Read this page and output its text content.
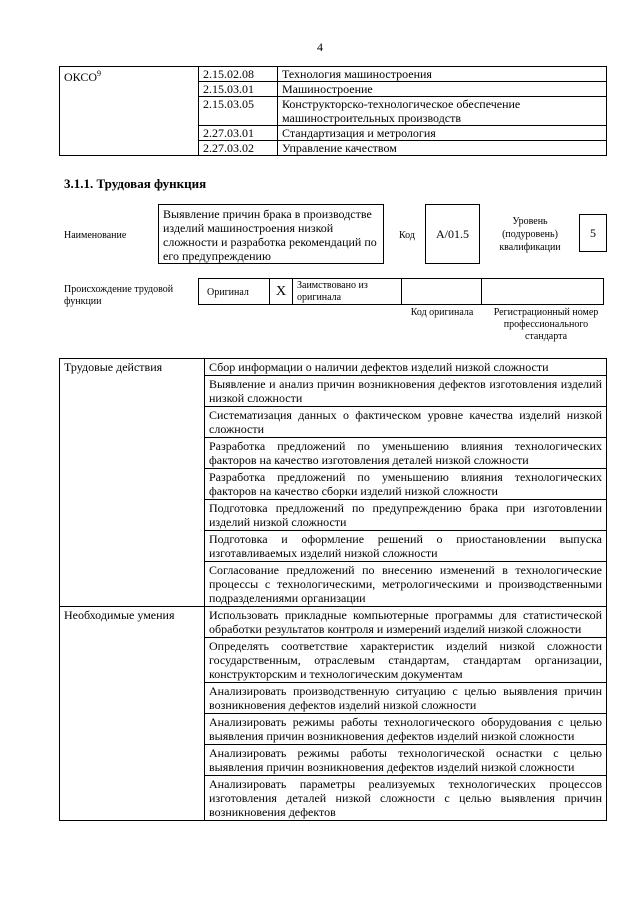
4
ОКСО$^9$	2.15.02.08	Технология машиностроения
	2.15.03.01	Машиностроение
	2.15.03.05	Конструкторско-технологическое обеспечение машиностроительных производств
	2.27.03.01	Стандартизация и метрология
	2.27.03.02	Управление качеством
3.1.1. Трудовая функция
Наименование
Выявление причин брака в производстве изделий машиностроения низкой сложности и разработка рекомендаций по его предупреждению
Код	А/01.5
Уровень (подуровень) квалификации
5
Происхождение трудовой функции
Оригинал	X	Заимствовано из оригинала
Код оригинала	Регистрационный номер профессионального стандарта
Трудовые действия	Сбор информации о наличии дефектов изделий низкой сложности
	Выявление и анализ причин возникновения дефектов изготовления изделий низкой сложности
	Систематизация данных о фактическом уровне качества изделий низкой сложности
	Разработка предложений по уменьшению влияния технологических факторов на качество изготовления деталей низкой сложности
	Разработка предложений по уменьшению влияния технологических факторов на качество сборки изделий низкой сложности
	Подготовка предложений по предупреждению брака при изготовлении изделий низкой сложности
	Подготовка и оформление решений о приостановлении выпуска изготавливаемых изделий низкой сложности
	Согласование предложений по внесению изменений в технологические процессы с технологическими, метрологическими и производственными подразделениями организации
Необходимые умения	Использовать прикладные компьютерные программы для статистической обработки результатов контроля и измерений изделий низкой сложности
	Определять соответствие характеристик изделий низкой сложности государственным, отраслевым стандартам, стандартам организации, конструкторским и технологическим документам
	Анализировать производственную ситуацию с целью выявления причин возникновения дефектов изделий низкой сложности
	Анализировать режимы работы технологического оборудования с целью выявления причин возникновения дефектов изделий низкой сложности
	Анализировать режимы работы технологической оснастки с целью выявления причин возникновения дефектов изделий низкой сложности
	Анализировать параметры реализуемых технологических процессов изготовления деталей низкой сложности с целью выявления причин возникновения дефектов
